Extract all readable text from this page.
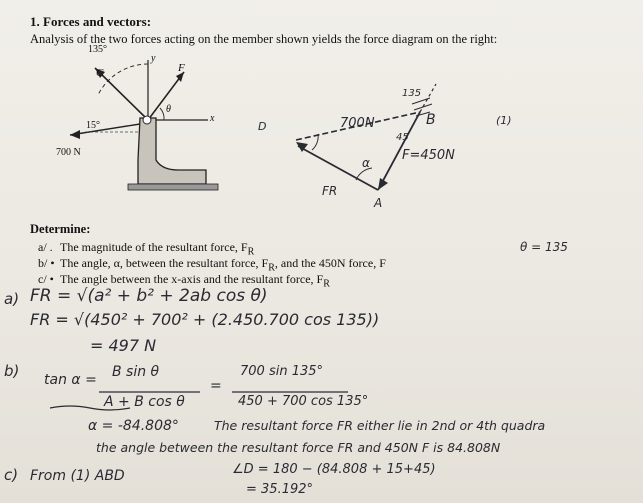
1. Forces and vectors:
Analysis of the two forces acting on the member shown yields the force diagram on the right:
135°
C
y
F
θ
x
15°
700 N
D	700N
135
45
B	(1)
F=450N
α
FR
A
Determine:
a/ . The magnitude of the resultant force, $F_R$
b/ • The angle, α, between the resultant force, $F_R$, and the 450N force, F
c/ • The angle between the x-axis and the resultant force, $F_R$
θ = 135
a) FR = √(a² + b² + 2ab cos θ)
FR = √(450² + 700² + (2.450.700 cos 135))
= 497 N
b) tan α = B sin θ
A + B cos θ
=
700 sin 135°
450 + 700 cos 135°
α = -84.808°	The resultant force FR either lie in 2nd or 4th quadra
the angle between the resultant force FR and 450N F is 84.808N
c) From (1) ABD	∠D = 180 − (84.808 + 15+45)
= 35.192°
